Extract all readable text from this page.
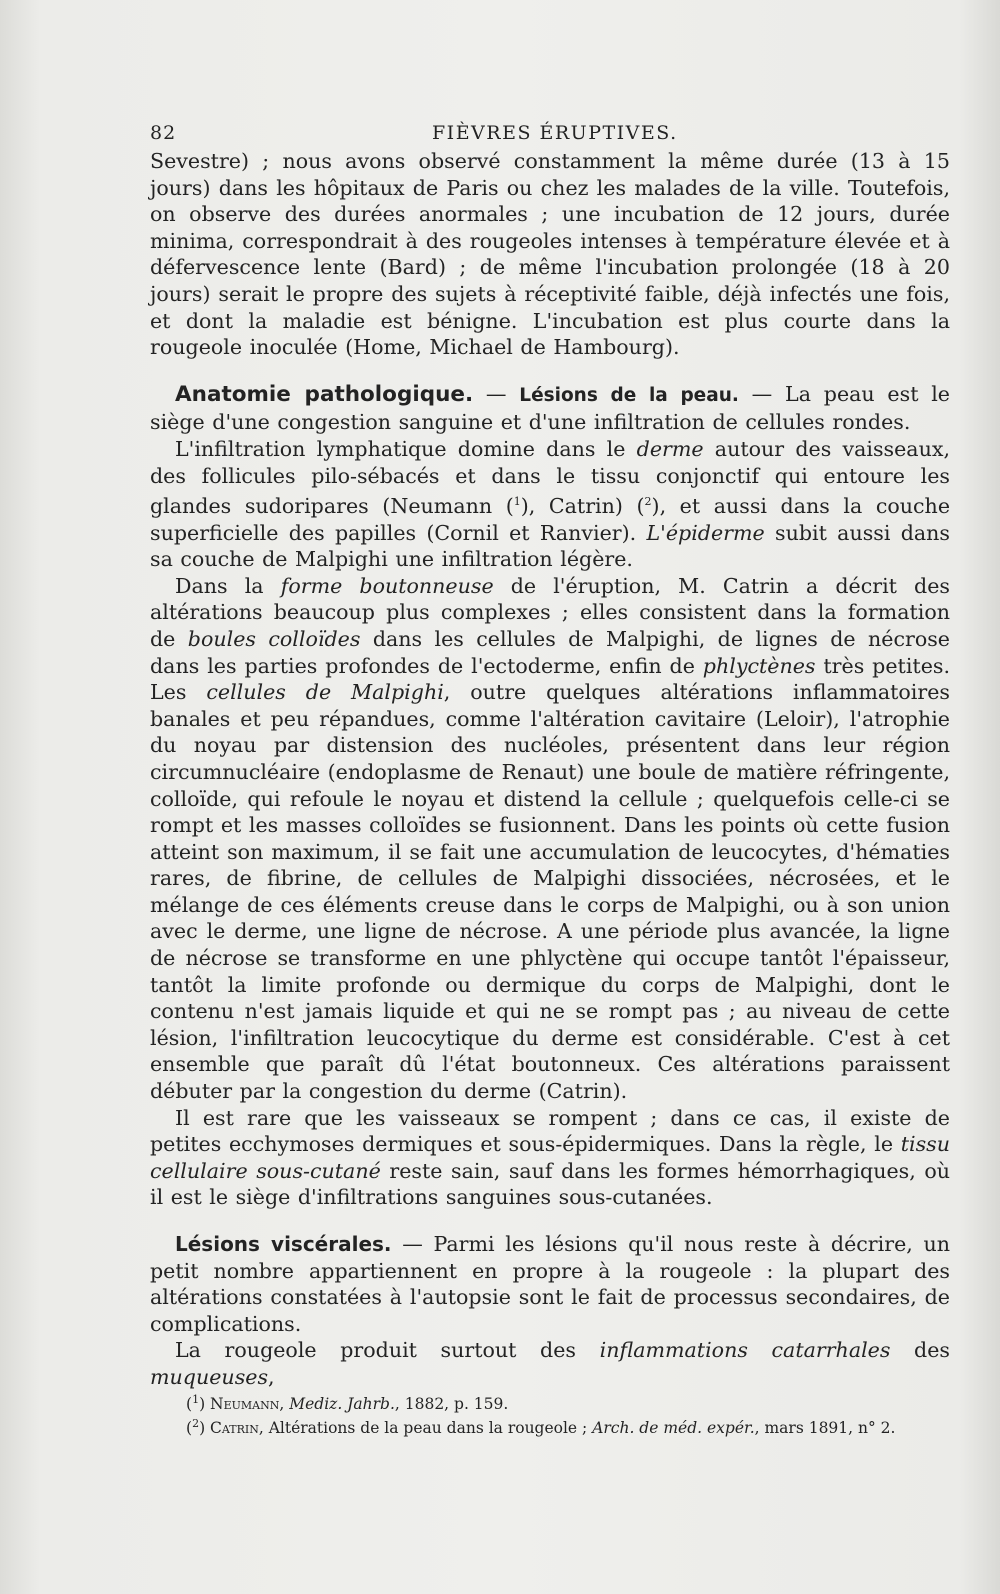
82	FIÈVRES ÉRUPTIVES.

Sevestre) ; nous avons observé constamment la même durée (13 à 15 jours) dans les hôpitaux de Paris ou chez les malades de la ville. Toutefois, on observe des durées anormales ; une incubation de 12 jours, durée minima, correspondrait à des rougeoles intenses à température élevée et à défervescence lente (Bard) ; de même l'incubation prolongée (18 à 20 jours) serait le propre des sujets à réceptivité faible, déjà infectés une fois, et dont la maladie est bénigne. L'incubation est plus courte dans la rougeole inoculée (Home, Michael de Hambourg).

Anatomie pathologique. — Lésions de la peau. — La peau est le siège d'une congestion sanguine et d'une infiltration de cellules rondes.

L'infiltration lymphatique domine dans le derme autour des vaisseaux, des follicules pilo-sébacés et dans le tissu conjonctif qui entoure les glandes sudoripares (Neumann ($^1$), Catrin) ($^2$), et aussi dans la couche superficielle des papilles (Cornil et Ranvier). L'épiderme subit aussi dans sa couche de Malpighi une infiltration légère.

Dans la forme boutonneuse de l'éruption, M. Catrin a décrit des altérations beaucoup plus complexes ; elles consistent dans la formation de boules colloïdes dans les cellules de Malpighi, de lignes de nécrose dans les parties profondes de l'ectoderme, enfin de phlyctènes très petites. Les cellules de Malpighi, outre quelques altérations inflammatoires banales et peu répandues, comme l'altération cavitaire (Leloir), l'atrophie du noyau par distension des nucléoles, présentent dans leur région circumnucléaire (endoplasme de Renaut) une boule de matière réfringente, colloïde, qui refoule le noyau et distend la cellule ; quelquefois celle-ci se rompt et les masses colloïdes se fusionnent. Dans les points où cette fusion atteint son maximum, il se fait une accumulation de leucocytes, d'hématies rares, de fibrine, de cellules de Malpighi dissociées, nécrosées, et le mélange de ces éléments creuse dans le corps de Malpighi, ou à son union avec le derme, une ligne de nécrose. A une période plus avancée, la ligne de nécrose se transforme en une phlyctène qui occupe tantôt l'épaisseur, tantôt la limite profonde ou dermique du corps de Malpighi, dont le contenu n'est jamais liquide et qui ne se rompt pas ; au niveau de cette lésion, l'infiltration leucocytique du derme est considérable. C'est à cet ensemble que paraît dû l'état boutonneux. Ces altérations paraissent débuter par la congestion du derme (Catrin).

Il est rare que les vaisseaux se rompent ; dans ce cas, il existe de petites ecchymoses dermiques et sous-épidermiques. Dans la règle, le tissu cellulaire sous-cutané reste sain, sauf dans les formes hémorrhagiques, où il est le siège d'infiltrations sanguines sous-cutanées.

Lésions viscérales. — Parmi les lésions qu'il nous reste à décrire, un petit nombre appartiennent en propre à la rougeole : la plupart des altérations constatées à l'autopsie sont le fait de processus secondaires, de complications.

La rougeole produit surtout des inflammations catarrhales des muqueuses,

($^1$) Neumann, Mediz. Jahrb., 1882, p. 159.

($^2$) Catrin, Altérations de la peau dans la rougeole ; Arch. de méd. expér., mars 1891, n° 2.
